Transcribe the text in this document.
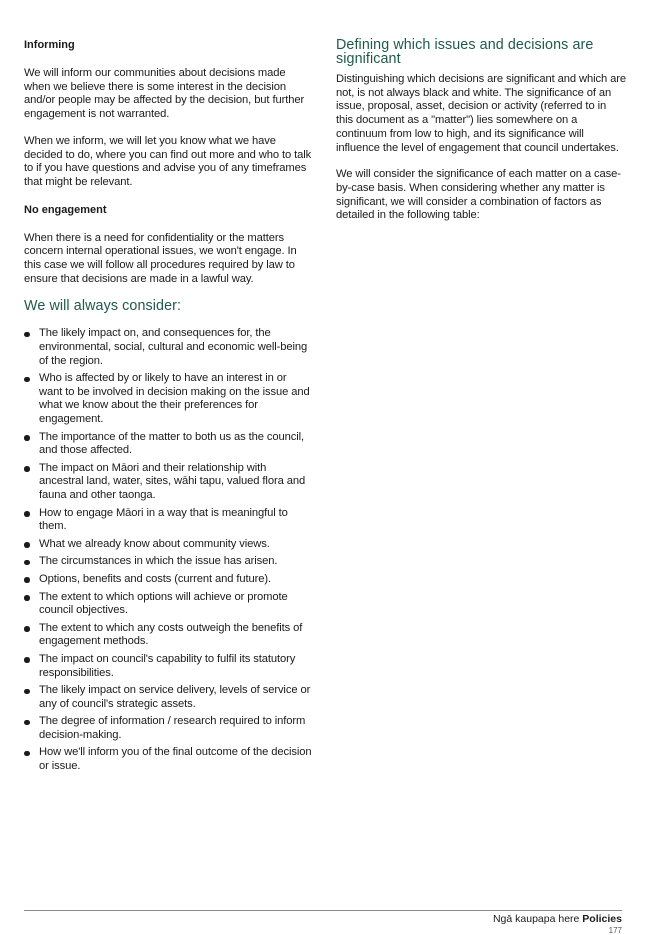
Informing

We will inform our communities about decisions made when we believe there is some interest in the decision and/or people may be affected by the decision, but further engagement is not warranted.

When we inform, we will let you know what we have decided to do, where you can find out more and who to talk to if you have questions and advise you of any timeframes that might be relevant.

No engagement

When there is a need for confidentiality or the matters concern internal operational issues, we won't engage. In this case we will follow all procedures required by law to ensure that decisions are made in a lawful way.

We will always consider:
The likely impact on, and consequences for, the environmental, social, cultural and economic well-being of the region.
Who is affected by or likely to have an interest in or want to be involved in decision making on the issue and what we know about the their preferences for engagement.
The importance of the matter to both us as the council, and those affected.
The impact on Māori and their relationship with ancestral land, water, sites, wāhi tapu, valued flora and fauna and other taonga.
How to engage Māori in a way that is meaningful to them.
What we already know about community views.
The circumstances in which the issue has arisen.
Options, benefits and costs (current and future).
The extent to which options will achieve or promote council objectives.
The extent to which any costs outweigh the benefits of engagement methods.
The impact on council's capability to fulfil its statutory responsibilities.
The likely impact on service delivery, levels of service or any of council's strategic assets.
The degree of information / research required to inform decision-making.
How we'll inform you of the final outcome of the decision or issue.
Defining which issues and decisions are significant

Distinguishing which decisions are significant and which are not, is not always black and white. The significance of an issue, proposal, asset, decision or activity (referred to in this document as a "matter") lies somewhere on a continuum from low to high, and its significance will influence the level of engagement that council undertakes.

We will consider the significance of each matter on a case-by-case basis. When considering whether any matter is significant, we will consider a combination of factors as detailed in the following table:

Ngā kaupapa here Policies
177
